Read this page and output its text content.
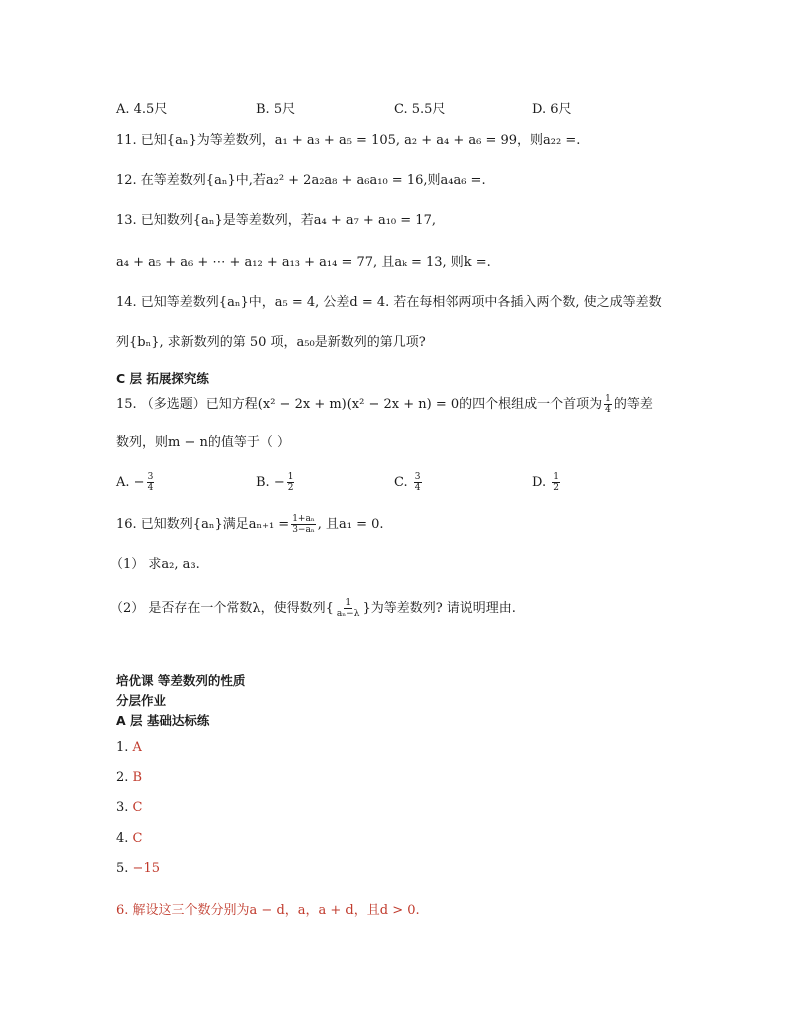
A. 4.5尺	B. 5尺	C. 5.5尺	D. 6尺
11. 已知{aₙ}为等差数列，a₁ + a₃ + a₅ = 105, a₂ + a₄ + a₆ = 99，则a₂₂ =.
12. 在等差数列{aₙ}中,若a₂² + 2a₂a₈ + a₆a₁₀ = 16,则a₄a₆ =.
13. 已知数列{aₙ}是等差数列，若a₄ + a₇ + a₁₀ = 17,
a₄ + a₅ + a₆ + ⋯ + a₁₂ + a₁₃ + a₁₄ = 77, 且aₖ = 13, 则k =.
14. 已知等差数列{aₙ}中，a₅ = 4, 公差d = 4. 若在每相邻两项中各插入两个数, 使之成等差数
列{bₙ}, 求新数列的第 50 项，a₅₀是新数列的第几项?
C 层 拓展探究练
15. （多选题）已知方程(x² − 2x + m)(x² − 2x + n) = 0的四个根组成一个首项为 $\frac{1}{4}$ 的等差
数列，则m − n的值等于（ ）
A. − $\frac{3}{4}$	B. − $\frac{1}{2}$	C. $\frac{3}{4}$	D. $\frac{1}{2}$
16. 已知数列{aₙ}满足$a_{n+1} = \frac{\text{1+aₙ}}{\text{3−aₙ}}$ , 且a₁ = 0.
（1） 求a₂, a₃.
（2） 是否存在一个常数λ，使得数列{ $\frac{1}{\text{aₙ−λ}}$ }为等差数列? 请说明理由.
培优课 等差数列的性质
分层作业
A 层 基础达标练
1. A
2. B
3. C
4. C
5. −15
6. 解设这三个数分别为a − d，a，a + d，且d > 0.
